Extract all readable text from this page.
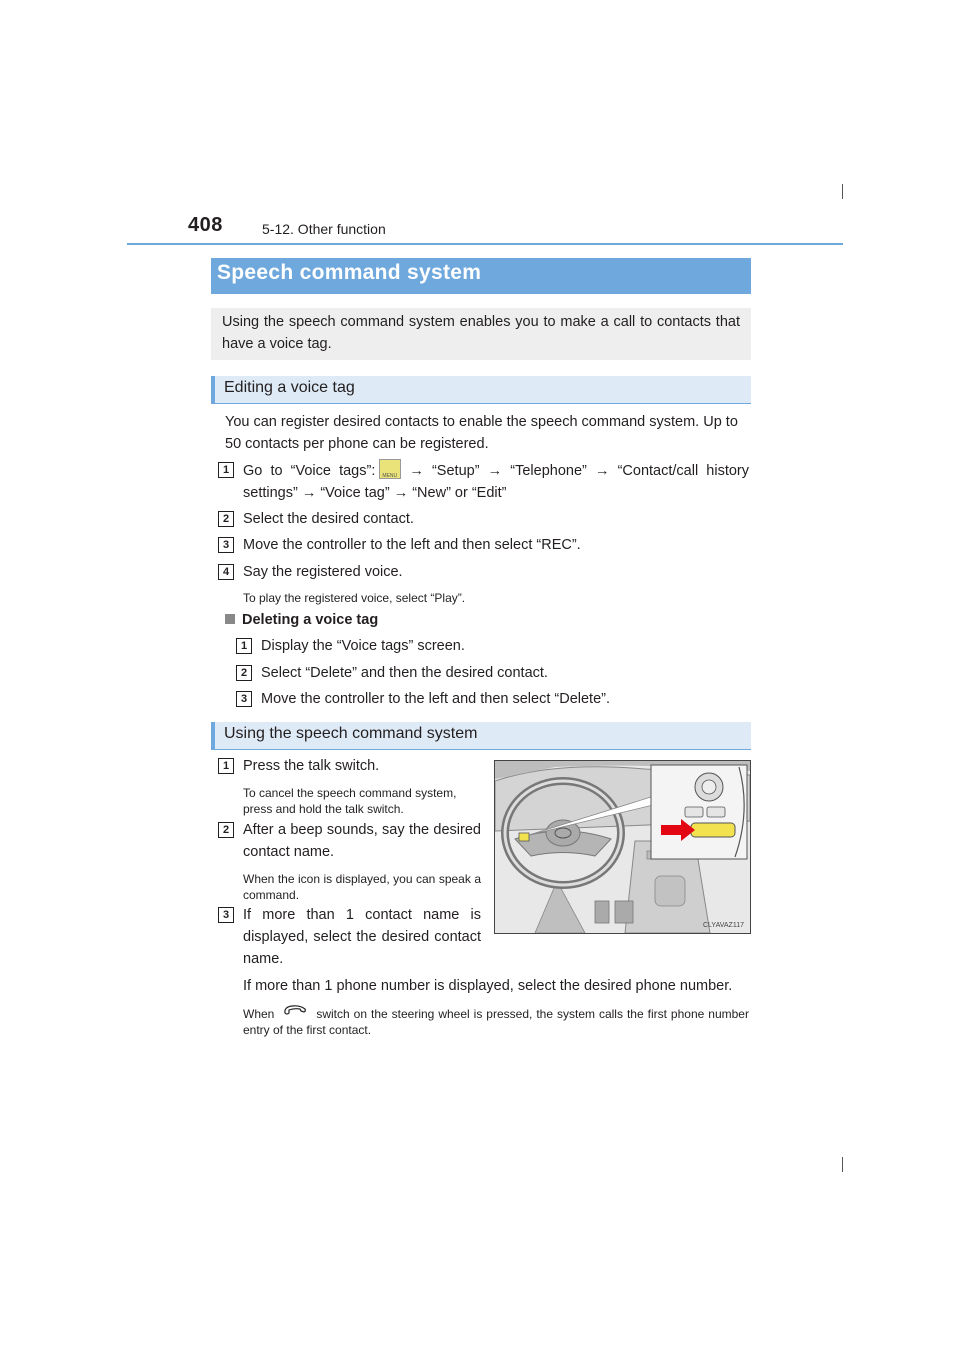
408	5-12. Other function
Speech command system
Using the speech command system enables you to make a call to contacts that have a voice tag.
Editing a voice tag
You can register desired contacts to enable the speech command system. Up to 50 contacts per phone can be registered.
1 Go to “Voice tags”: MENU → “Setup” → “Telephone” → “Contact/call history settings” → “Voice tag” → “New” or “Edit”
2 Select the desired contact.
3 Move the controller to the left and then select “REC”.
4 Say the registered voice.
To play the registered voice, select “Play”.
Deleting a voice tag
1 Display the “Voice tags” screen.
2 Select “Delete” and then the desired contact.
3 Move the controller to the left and then select “Delete”.
Using the speech command system
1 Press the talk switch.
To cancel the speech command system, press and hold the talk switch.
2 After a beep sounds, say the desired contact name.
When the icon is displayed, you can speak a command.
3 If more than 1 contact name is displayed, select the desired contact name.
If more than 1 phone number is displayed, select the desired phone number.
When	switch on the steering wheel is pressed, the system calls the first phone number entry of the first contact.
CLYAVAZ117
